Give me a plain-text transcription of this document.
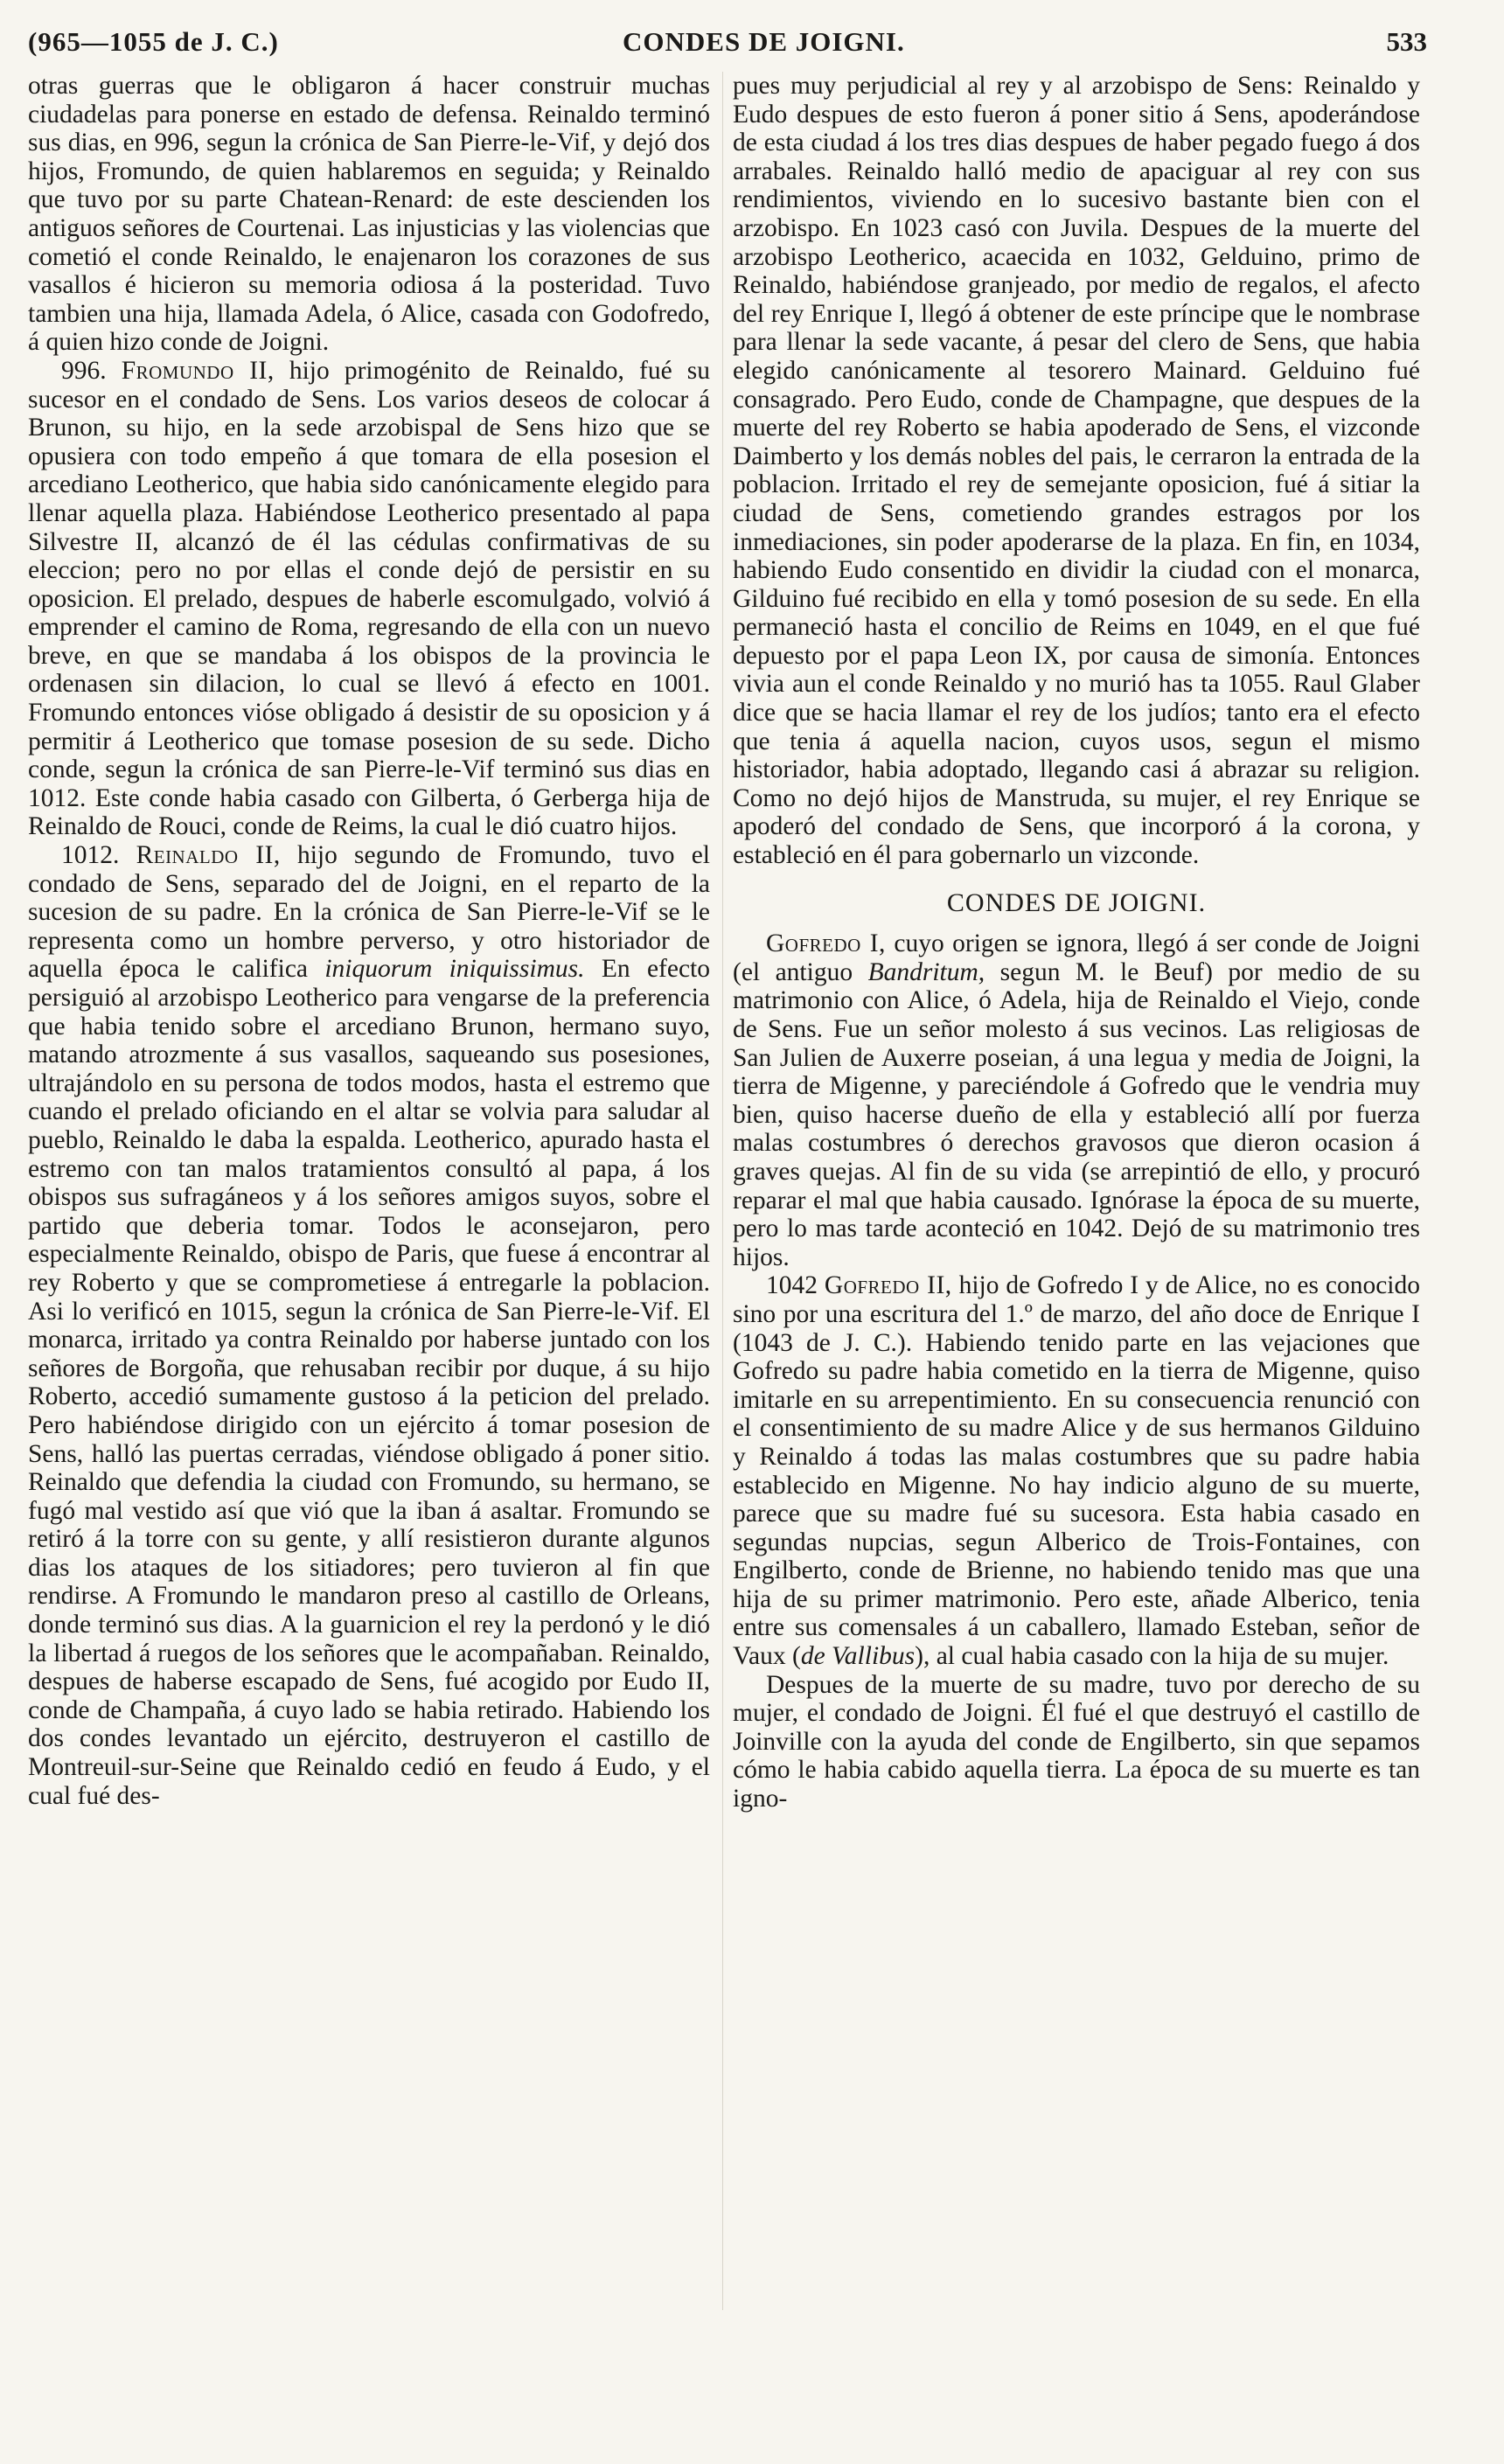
(965—1055 de J. C.)	CONDES DE JOIGNI.	533

otras guerras que le obligaron á hacer construir muchas ciudadelas para ponerse en estado de defensa. Reinaldo terminó sus dias, en 996, segun la crónica de San Pierre-le-Vif, y dejó dos hijos, Fromundo, de quien hablaremos en seguida; y Reinaldo que tuvo por su parte Chatean-Renard: de este descienden los antiguos señores de Courtenai. Las injusticias y las violencias que cometió el conde Reinaldo, le enajenaron los corazones de sus vasallos é hicieron su memoria odiosa á la posteridad. Tuvo tambien una hija, llamada Adela, ó Alice, casada con Godofredo, á quien hizo conde de Joigni.

996. Fromundo II, hijo primogénito de Reinaldo, fué su sucesor en el condado de Sens. Los varios deseos de colocar á Brunon, su hijo, en la sede arzobispal de Sens hizo que se opusiera con todo empeño á que tomara de ella posesion el arcediano Leotherico, que habia sido canónicamente elegido para llenar aquella plaza. Habiéndose Leotherico presentado al papa Silvestre II, alcanzó de él las cédulas confirmativas de su eleccion; pero no por ellas el conde dejó de persistir en su oposicion. El prelado, despues de haberle escomulgado, volvió á emprender el camino de Roma, regresando de ella con un nuevo breve, en que se mandaba á los obispos de la provincia le ordenasen sin dilacion, lo cual se llevó á efecto en 1001. Fromundo entonces vióse obligado á desistir de su oposicion y á permitir á Leotherico que tomase posesion de su sede. Dicho conde, segun la crónica de san Pierre-le-Vif terminó sus dias en 1012. Este conde habia casado con Gilberta, ó Gerberga hija de Reinaldo de Rouci, conde de Reims, la cual le dió cuatro hijos.

1012. Reinaldo II, hijo segundo de Fromundo, tuvo el condado de Sens, separado del de Joigni, en el reparto de la sucesion de su padre. En la crónica de San Pierre-le-Vif se le representa como un hombre perverso, y otro historiador de aquella época le califica iniquorum iniquissimus. En efecto persiguió al arzobispo Leotherico para vengarse de la preferencia que habia tenido sobre el arcediano Brunon, hermano suyo, matando atrozmente á sus vasallos, saqueando sus posesiones, ultrajándolo en su persona de todos modos, hasta el estremo que cuando el prelado oficiando en el altar se volvia para saludar al pueblo, Reinaldo le daba la espalda. Leotherico, apurado hasta el estremo con tan malos tratamientos consultó al papa, á los obispos sus sufragáneos y á los señores amigos suyos, sobre el partido que deberia tomar. Todos le aconsejaron, pero especialmente Reinaldo, obispo de Paris, que fuese á encontrar al rey Roberto y que se comprometiese á entregarle la poblacion. Asi lo verificó en 1015, segun la crónica de San Pierre-le-Vif. El monarca, irritado ya contra Reinaldo por haberse juntado con los señores de Borgoña, que rehusaban recibir por duque, á su hijo Roberto, accedió sumamente gustoso á la peticion del prelado. Pero habiéndose dirigido con un ejército á tomar posesion de Sens, halló las puertas cerradas, viéndose obligado á poner sitio. Reinaldo que defendia la ciudad con Fromundo, su hermano, se fugó mal vestido así que vió que la iban á asaltar. Fromundo se retiró á la torre con su gente, y allí resistieron durante algunos dias los ataques de los sitiadores; pero tuvieron al fin que rendirse. A Fromundo le mandaron preso al castillo de Orleans, donde terminó sus dias. A la guarnicion el rey la perdonó y le dió la libertad á ruegos de los señores que le acompañaban. Reinaldo, despues de haberse escapado de Sens, fué acogido por Eudo II, conde de Champaña, á cuyo lado se habia retirado. Habiendo los dos condes levantado un ejército, destruyeron el castillo de Montreuil-sur-Seine que Reinaldo cedió en feudo á Eudo, y el cual fué des-

pues muy perjudicial al rey y al arzobispo de Sens: Reinaldo y Eudo despues de esto fueron á poner sitio á Sens, apoderándose de esta ciudad á los tres dias despues de haber pegado fuego á dos arrabales. Reinaldo halló medio de apaciguar al rey con sus rendimientos, viviendo en lo sucesivo bastante bien con el arzobispo. En 1023 casó con Juvila. Despues de la muerte del arzobispo Leotherico, acaecida en 1032, Gelduino, primo de Reinaldo, habiéndose granjeado, por medio de regalos, el afecto del rey Enrique I, llegó á obtener de este príncipe que le nombrase para llenar la sede vacante, á pesar del clero de Sens, que habia elegido canónicamente al tesorero Mainard. Gelduino fué consagrado. Pero Eudo, conde de Champagne, que despues de la muerte del rey Roberto se habia apoderado de Sens, el vizconde Daimberto y los demás nobles del pais, le cerraron la entrada de la poblacion. Irritado el rey de semejante oposicion, fué á sitiar la ciudad de Sens, cometiendo grandes estragos por los inmediaciones, sin poder apoderarse de la plaza. En fin, en 1034, habiendo Eudo consentido en dividir la ciudad con el monarca, Gilduino fué recibido en ella y tomó posesion de su sede. En ella permaneció hasta el concilio de Reims en 1049, en el que fué depuesto por el papa Leon IX, por causa de simonía. Entonces vivia aun el conde Reinaldo y no murió has ta 1055. Raul Glaber dice que se hacia llamar el rey de los judíos; tanto era el efecto que tenia á aquella nacion, cuyos usos, segun el mismo historiador, habia adoptado, llegando casi á abrazar su religion. Como no dejó hijos de Manstruda, su mujer, el rey Enrique se apoderó del condado de Sens, que incorporó á la corona, y estableció en él para gobernarlo un vizconde.

CONDES DE JOIGNI.

Gofredo I, cuyo origen se ignora, llegó á ser conde de Joigni (el antiguo Bandritum, segun M. le Beuf) por medio de su matrimonio con Alice, ó Adela, hija de Reinaldo el Viejo, conde de Sens. Fue un señor molesto á sus vecinos. Las religiosas de San Julien de Auxerre poseian, á una legua y media de Joigni, la tierra de Migenne, y pareciéndole á Gofredo que le vendria muy bien, quiso hacerse dueño de ella y estableció allí por fuerza malas costumbres ó derechos gravosos que dieron ocasion á graves quejas. Al fin de su vida (se arrepintió de ello, y procuró reparar el mal que habia causado. Ignórase la época de su muerte, pero lo mas tarde aconteció en 1042. Dejó de su matrimonio tres hijos.

1042 Gofredo II, hijo de Gofredo I y de Alice, no es conocido sino por una escritura del 1.º de marzo, del año doce de Enrique I (1043 de J. C.). Habiendo tenido parte en las vejaciones que Gofredo su padre habia cometido en la tierra de Migenne, quiso imitarle en su arrepentimiento. En su consecuencia renunció con el consentimiento de su madre Alice y de sus hermanos Gilduino y Reinaldo á todas las malas costumbres que su padre habia establecido en Migenne. No hay indicio alguno de su muerte, parece que su madre fué su sucesora. Esta habia casado en segundas nupcias, segun Alberico de Trois-Fontaines, con Engilberto, conde de Brienne, no habiendo tenido mas que una hija de su primer matrimonio. Pero este, añade Alberico, tenia entre sus comensales á un caballero, llamado Esteban, señor de Vaux (de Vallibus), al cual habia casado con la hija de su mujer.

Despues de la muerte de su madre, tuvo por derecho de su mujer, el condado de Joigni. Él fué el que destruyó el castillo de Joinville con la ayuda del conde de Engilberto, sin que sepamos cómo le habia cabido aquella tierra. La época de su muerte es tan igno-
